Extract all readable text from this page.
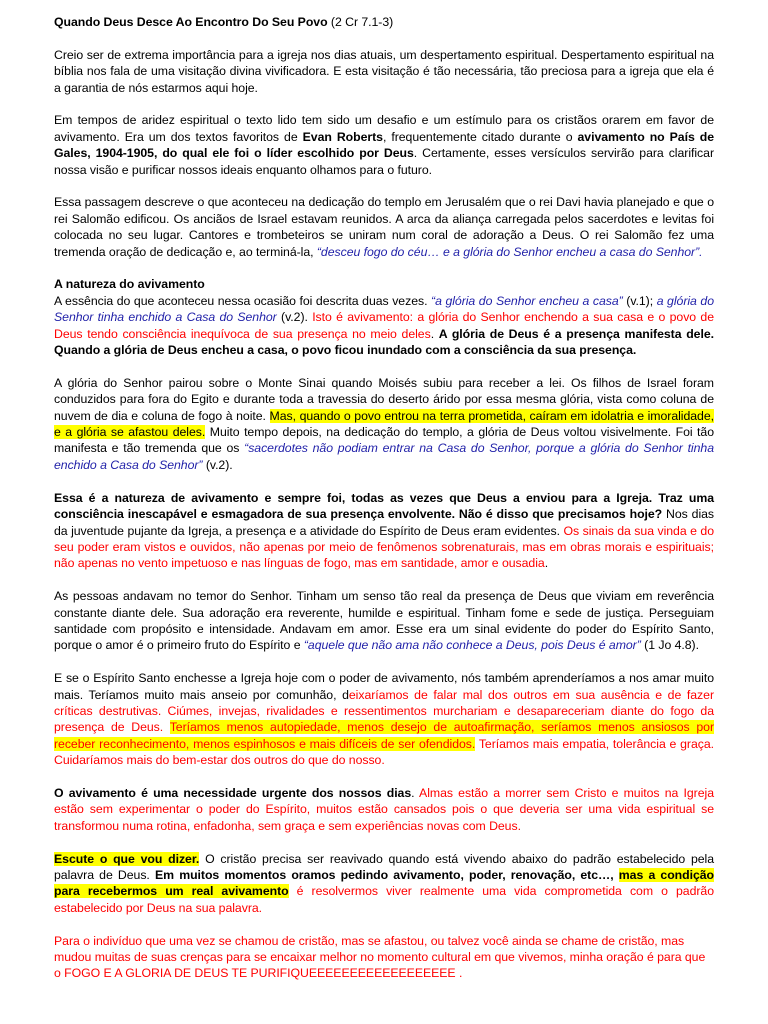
Quando Deus Desce Ao Encontro Do Seu Povo (2 Cr 7.1-3)

Creio ser de extrema importância para a igreja nos dias atuais, um despertamento espiritual. Despertamento espiritual na bíblia nos fala de uma visitação divina vivificadora. E esta visitação é tão necessária, tão preciosa para a igreja que ela é a garantia de nós estarmos aqui hoje.

Em tempos de aridez espiritual o texto lido tem sido um desafio e um estímulo para os cristãos orarem em favor de avivamento. Era um dos textos favoritos de Evan Roberts, frequentemente citado durante o avivamento no País de Gales, 1904-1905, do qual ele foi o líder escolhido por Deus. Certamente, esses versículos servirão para clarificar nossa visão e purificar nossos ideais enquanto olhamos para o futuro.

Essa passagem descreve o que aconteceu na dedicação do templo em Jerusalém que o rei Davi havia planejado e que o rei Salomão edificou. Os anciãos de Israel estavam reunidos. A arca da aliança carregada pelos sacerdotes e levitas foi colocada no seu lugar. Cantores e trombeteiros se uniram num coral de adoração a Deus. O rei Salomão fez uma tremenda oração de dedicação e, ao terminá-la, “desceu fogo do céu… e a glória do Senhor encheu a casa do Senhor”.

A natureza do avivamento
A essência do que aconteceu nessa ocasião foi descrita duas vezes. “a glória do Senhor encheu a casa” (v.1); a glória do Senhor tinha enchido a Casa do Senhor (v.2). Isto é avivamento: a glória do Senhor enchendo a sua casa e o povo de Deus tendo consciência inequívoca de sua presença no meio deles. A glória de Deus é a presença manifesta dele. Quando a glória de Deus encheu a casa, o povo ficou inundado com a consciência da sua presença.

A glória do Senhor pairou sobre o Monte Sinai quando Moisés subiu para receber a lei. Os filhos de Israel foram conduzidos para fora do Egito e durante toda a travessia do deserto árido por essa mesma glória, vista como coluna de nuvem de dia e coluna de fogo à noite. Mas, quando o povo entrou na terra prometida, caíram em idolatria e imoralidade, e a glória se afastou deles. Muito tempo depois, na dedicação do templo, a glória de Deus voltou visivelmente. Foi tão manifesta e tão tremenda que os “sacerdotes não podiam entrar na Casa do Senhor, porque a glória do Senhor tinha enchido a Casa do Senhor” (v.2).

Essa é a natureza de avivamento e sempre foi, todas as vezes que Deus a enviou para a Igreja. Traz uma consciência inescapável e esmagadora de sua presença envolvente. Não é disso que precisamos hoje? Nos dias da juventude pujante da Igreja, a presença e a atividade do Espírito de Deus eram evidentes. Os sinais da sua vinda e do seu poder eram vistos e ouvidos, não apenas por meio de fenômenos sobrenaturais, mas em obras morais e espirituais; não apenas no vento impetuoso e nas línguas de fogo, mas em santidade, amor e ousadia.

As pessoas andavam no temor do Senhor. Tinham um senso tão real da presença de Deus que viviam em reverência constante diante dele. Sua adoração era reverente, humilde e espiritual. Tinham fome e sede de justiça. Perseguiam santidade com propósito e intensidade. Andavam em amor. Esse era um sinal evidente do poder do Espírito Santo, porque o amor é o primeiro fruto do Espírito e “aquele que não ama não conhece a Deus, pois Deus é amor” (1 Jo 4.8).

E se o Espírito Santo enchesse a Igreja hoje com o poder de avivamento, nós também aprenderíamos a nos amar muito mais. Teríamos muito mais anseio por comunhão, deixaríamos de falar mal dos outros em sua ausência e de fazer críticas destrutivas. Ciúmes, invejas, rivalidades e ressentimentos murchariam e desapareceriam diante do fogo da presença de Deus. Teríamos menos autopiedade, menos desejo de autoafirmação, seríamos menos ansiosos por receber reconhecimento, menos espinhosos e mais difíceis de ser ofendidos. Teríamos mais empatia, tolerância e graça. Cuidaríamos mais do bem-estar dos outros do que do nosso.

O avivamento é uma necessidade urgente dos nossos dias. Almas estão a morrer sem Cristo e muitos na Igreja estão sem experimentar o poder do Espírito, muitos estão cansados pois o que deveria ser uma vida espiritual se transformou numa rotina, enfadonha, sem graça e sem experiências novas com Deus.

Escute o que vou dizer. O cristão precisa ser reavivado quando está vivendo abaixo do padrão estabelecido pela palavra de Deus. Em muitos momentos oramos pedindo avivamento, poder, renovação, etc…, mas a condição para recebermos um real avivamento é resolvermos viver realmente uma vida comprometida com o padrão estabelecido por Deus na sua palavra.

Para o indivíduo que uma vez se chamou de cristão, mas se afastou, ou talvez você ainda se chame de cristão, mas mudou muitas de suas crenças para se encaixar melhor no momento cultural em que vivemos, minha oração é para que o FOGO E A GLORIA DE DEUS TE PURIFIQUEEEEEEEEEEEEEEEEEE .
